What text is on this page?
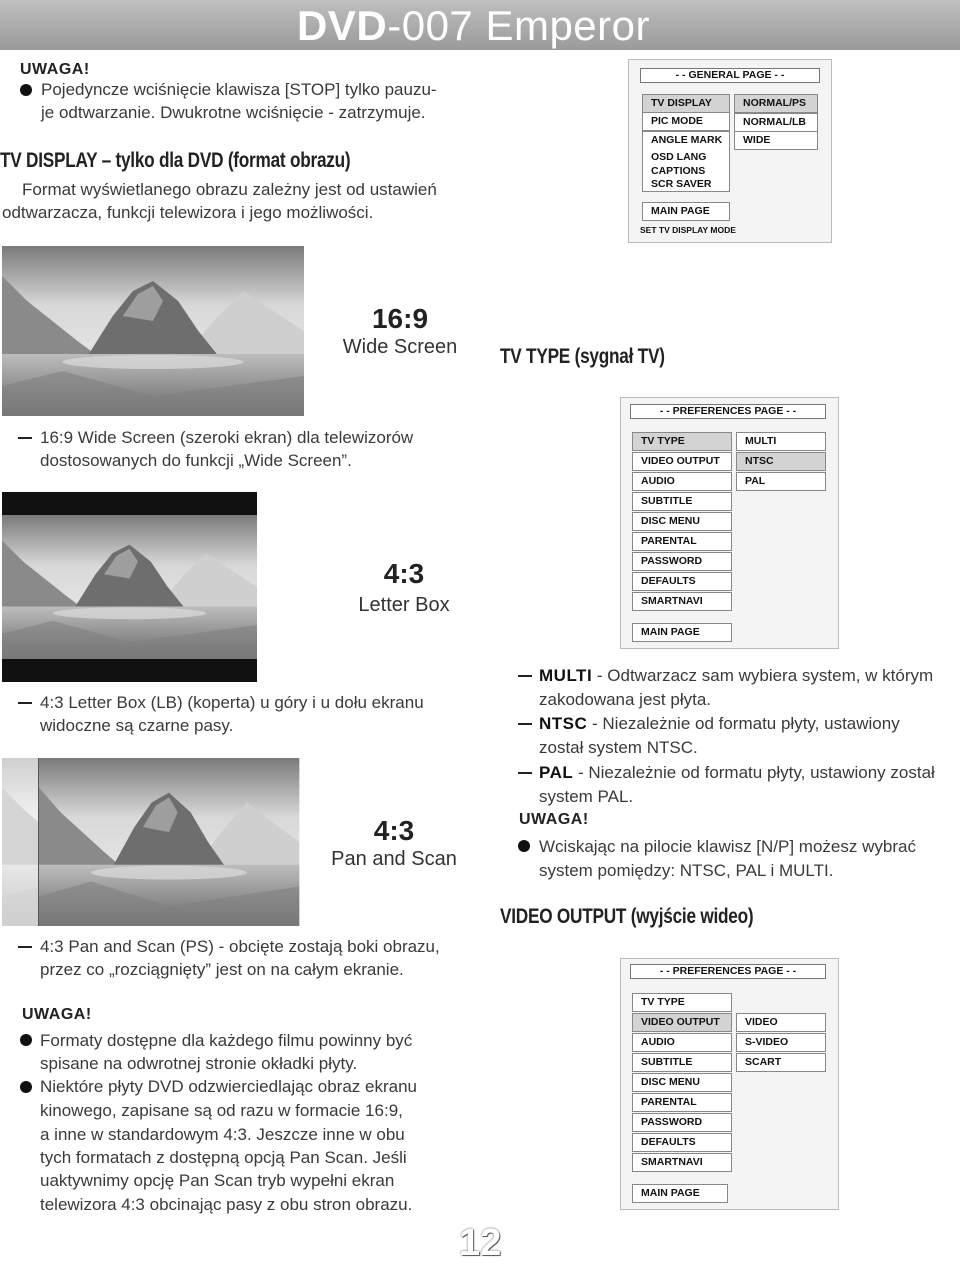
DVD-007 Emperor
UWAGA!
Pojedyncze wciśnięcie klawisza [STOP] tylko pauzu-
je odtwarzanie. Dwukrotne wciśnięcie - zatrzymuje.
TV DISPLAY – tylko dla DVD (format obrazu)
Format wyświetlanego obrazu zależny jest od ustawień
odtwarzacza, funkcji telewizora i jego możliwości.
- - GENERAL PAGE - -
TV DISPLAY
PIC MODE
ANGLE MARK
OSD LANG
CAPTIONS
SCR SAVER
NORMAL/PS
NORMAL/LB
WIDE
MAIN PAGE
SET TV DISPLAY MODE
16:9
Wide Screen
16:9 Wide Screen (szeroki ekran) dla telewizorów
dostosowanych do funkcji „Wide Screen”.
TV TYPE (sygnał TV)
- - PREFERENCES PAGE - -
TV TYPE
VIDEO OUTPUT
AUDIO
SUBTITLE
DISC MENU
PARENTAL
PASSWORD
DEFAULTS
SMARTNAVI
MULTI
NTSC
PAL
MAIN PAGE
4:3
Letter Box
4:3 Letter Box (LB) (koperta) u góry i u dołu ekranu
widoczne są czarne pasy.
4:3
Pan and Scan
4:3 Pan and Scan (PS) - obcięte zostają boki obrazu,
przez co „rozciągnięty” jest on na całym ekranie.
UWAGA!
Formaty dostępne dla każdego filmu powinny być
spisane na odwrotnej stronie okładki płyty.
Niektóre płyty DVD odzwierciedlając obraz ekranu
kinowego, zapisane są od razu w formacie 16:9,
a inne w standardowym 4:3. Jeszcze inne w obu
tych formatach z dostępną opcją Pan Scan. Jeśli
uaktywnimy opcję Pan Scan tryb wypełni ekran
telewizora 4:3 obcinając pasy z obu stron obrazu.
MULTI - Odtwarzacz sam wybiera system, w którym
zakodowana jest płyta.
NTSC - Niezależnie od formatu płyty, ustawiony
został system NTSC.
PAL - Niezależnie od formatu płyty, ustawiony został
system PAL.
UWAGA!
Wciskając na pilocie klawisz [N/P] możesz wybrać
system pomiędzy: NTSC, PAL i MULTI.
VIDEO OUTPUT (wyjście wideo)
- - PREFERENCES PAGE - -
TV TYPE
VIDEO OUTPUT
AUDIO
SUBTITLE
DISC MENU
PARENTAL
PASSWORD
DEFAULTS
SMARTNAVI
VIDEO
S-VIDEO
SCART
MAIN PAGE
12
